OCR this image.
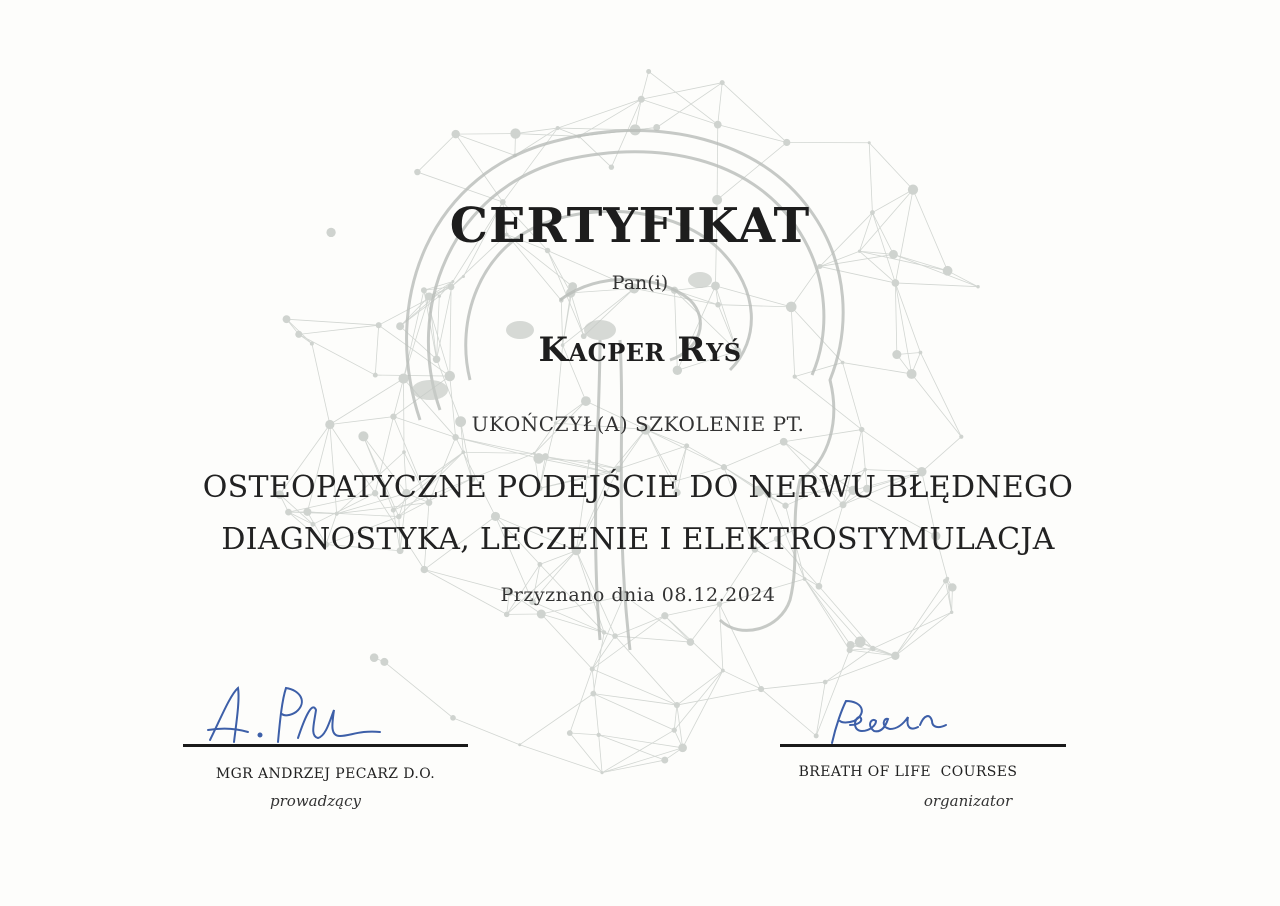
CERTYFIKAT
Pan(i)
Kacper Ryś
UKOŃCZYŁ(A) SZKOLENIE PT.
OSTEOPATYCZNE PODEJŚCIE DO NERWU BŁĘDNEGO
DIAGNOSTYKA, LECZENIE I ELEKTROSTYMULACJA
Przyznano dnia 08.12.2024
MGR ANDRZEJ PECARZ D.O.
prowadzący
BREATH OF LIFE  COURSES
organizator
